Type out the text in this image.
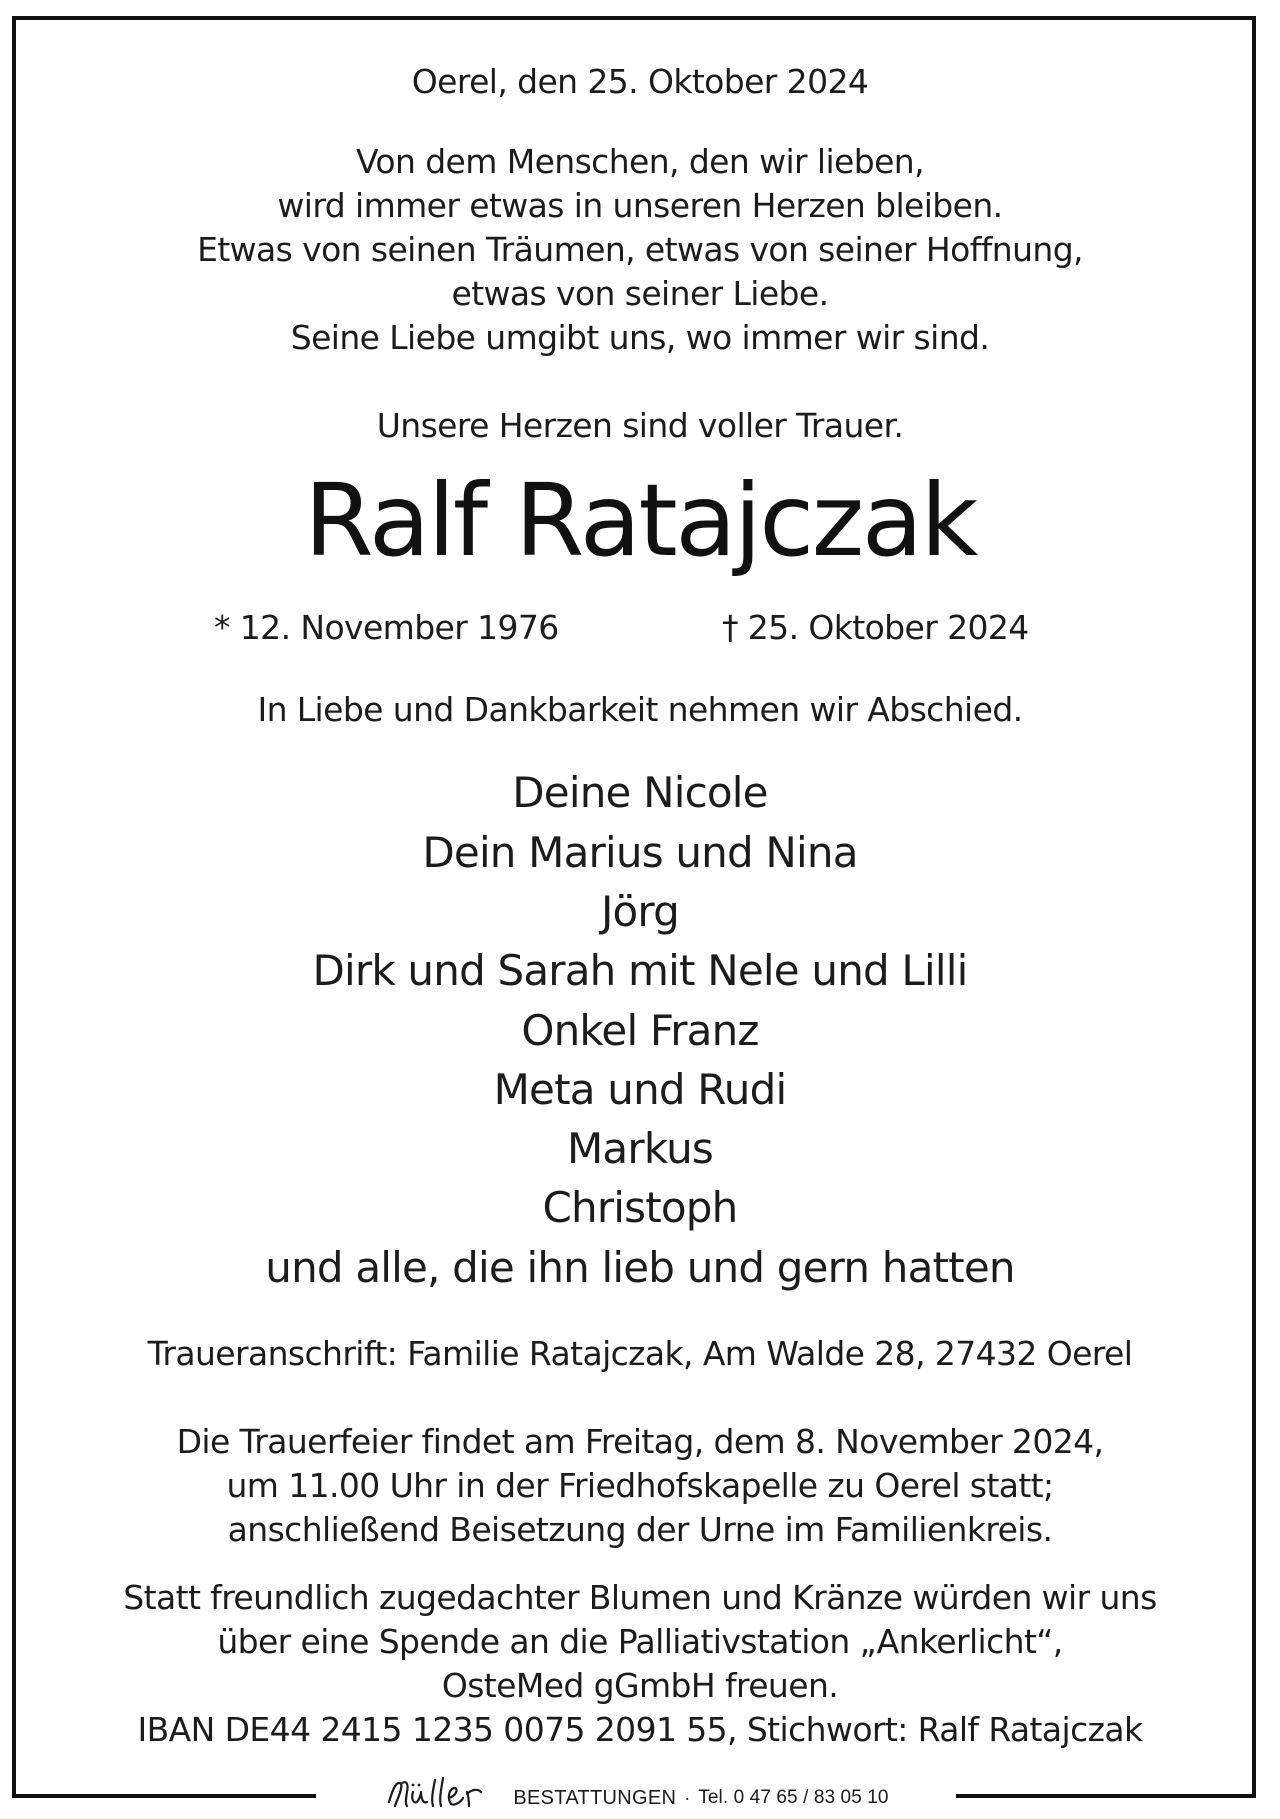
Oerel, den 25. Oktober 2024

Von dem Menschen, den wir lieben,

wird immer etwas in unseren Herzen bleiben.

Etwas von seinen Träumen, etwas von seiner Hoffnung,

etwas von seiner Liebe.

Seine Liebe umgibt uns, wo immer wir sind.

Unsere Herzen sind voller Trauer.

Ralf Ratajczak

* 12. November 1976	† 25. Oktober 2024

In Liebe und Dankbarkeit nehmen wir Abschied.

Deine Nicole

Dein Marius und Nina

Jörg

Dirk und Sarah mit Nele und Lilli

Onkel Franz

Meta und Rudi

Markus

Christoph

und alle, die ihn lieb und gern hatten

Traueranschrift: Familie Ratajczak, Am Walde 28, 27432 Oerel

Die Trauerfeier findet am Freitag, dem 8. November 2024,

um 11.00 Uhr in der Friedhofskapelle zu Oerel statt;

anschließend Beisetzung der Urne im Familienkreis.

Statt freundlich zugedachter Blumen und Kränze würden wir uns

über eine Spende an die Palliativstation „Ankerlicht“,

OsteMed gGmbH freuen.

IBAN DE44 2415 1235 0075 2091 55, Stichwort: Ralf Ratajczak

BESTATTUNGEN · Tel. 0 47 65 / 83 05 10
